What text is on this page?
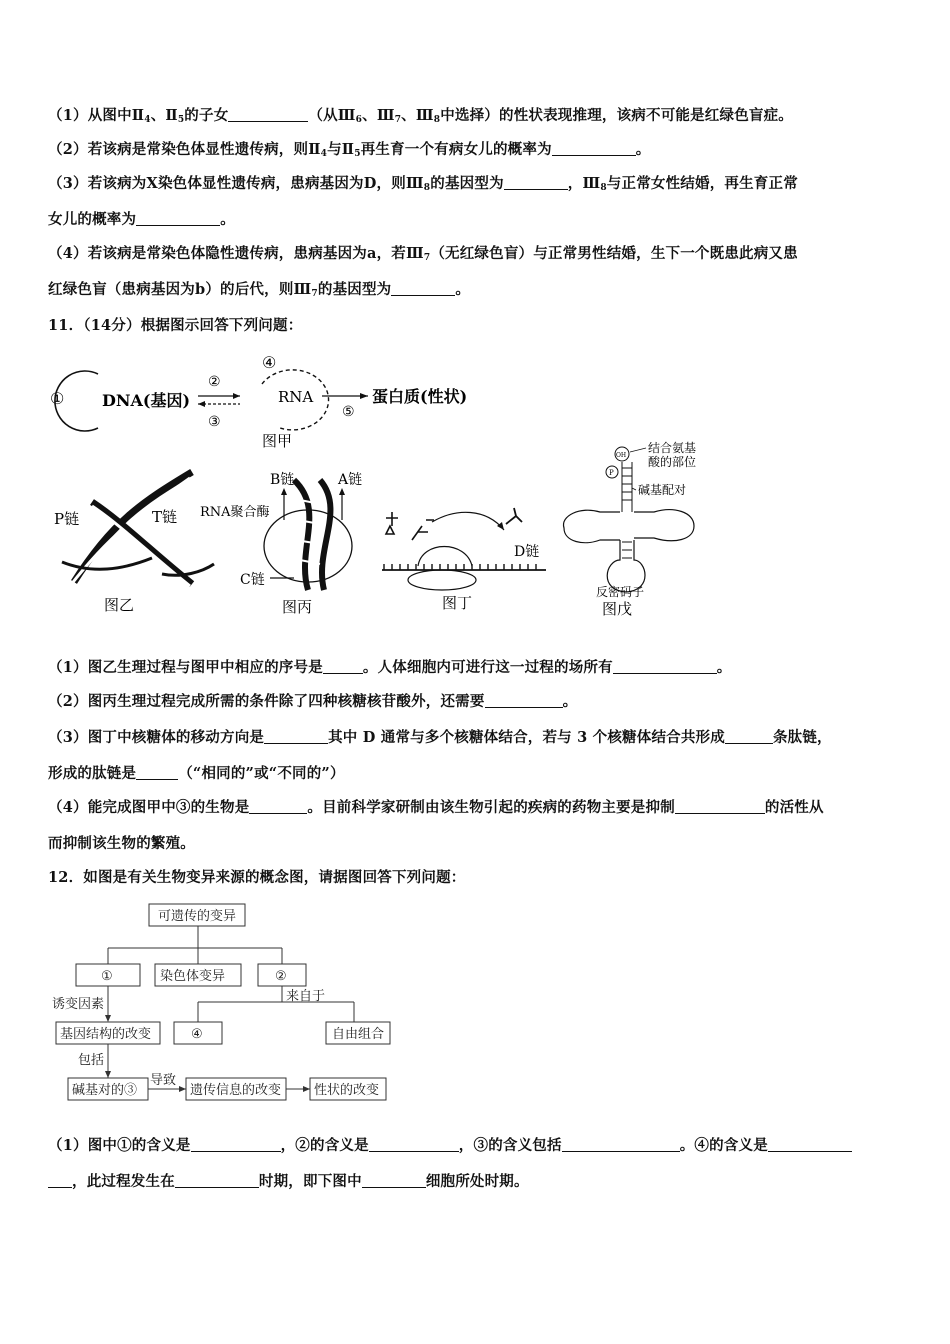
（1）从图中$Ⅱ_4$、$Ⅱ_5$的子女	（从$Ⅲ_6$、$Ⅲ_7$、$Ⅲ_8$中选择）的性状表现推理，该病不可能是红绿色盲症。
（2）若该病是常染色体显性遗传病，则$Ⅱ_4$与$Ⅱ_5$再生育一个有病女儿的概率为	。
（3）若该病为X染色体显性遗传病，患病基因为D，则$Ⅲ_8$的基因型为	，$Ⅲ_8$与正常女性结婚，再生育正常
女儿的概率为	。
（4）若该病是常染色体隐性遗传病，患病基因为a，若$Ⅲ_7$（无红绿色盲）与正常男性结婚，生下一个既患此病又患
红绿色盲（患病基因为b）的后代，则$Ⅲ_7$的基因型为	。
11．（14分）根据图示回答下列问题：
① DNA(基因)
②
③
④
RNA
⑤
蛋白质(性状)
图甲
P链	T链
图乙
B链	A链
RNA聚合酶
C链
图丙
D链
图丁
OH
结合氨基
酸的部位
P
碱基配对
反密码子
图戊
（1）图乙生理过程与图甲中相应的序号是	。人体细胞内可进行这一过程的场所有	。
（2）图丙生理过程完成所需的条件除了四种核糖核苷酸外，还需要	。
（3）图丁中核糖体的移动方向是	其中 D 通常与多个核糖体结合，若与 3 个核糖体结合共形成	条肽链，
形成的肽链是	（“相同的”或“不同的”）
（4）能完成图甲中③的生物是	。目前科学家研制由该生物引起的疾病的药物主要是抑制	的活性从
而抑制该生物的繁殖。
12．如图是有关生物变异来源的概念图，请据图回答下列问题：
可遗传的变异
①	染色体变异	②
诱变因素
来自于
基因结构的改变	④	自由组合
包括
碱基对的③
导致
遗传信息的改变	性状的改变
（1）图中①的含义是	，②的含义是	，③的含义包括	。④的含义是
，此过程发生在	时期，即下图中	细胞所处时期。
